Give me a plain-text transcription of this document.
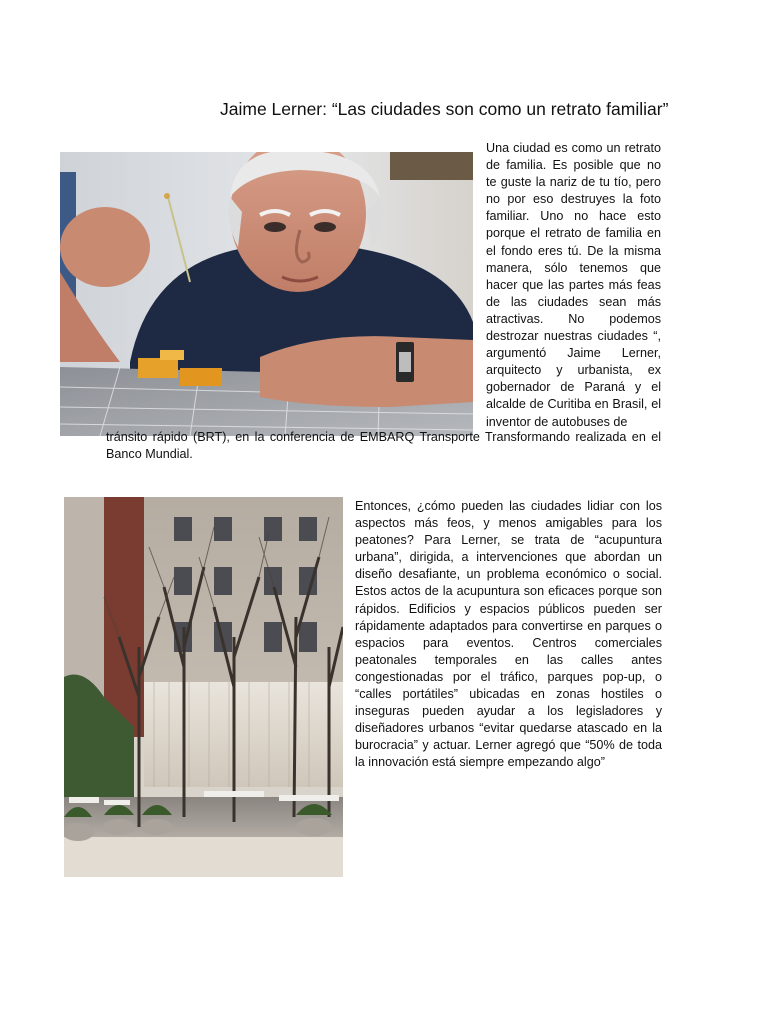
Jaime Lerner: “Las ciudades son como un retrato familiar”
Una ciudad es como un retrato de familia. Es posible que no te guste la nariz de tu tío, pero no por eso destruyes la foto familiar. Uno no hace esto porque el retrato de familia en el fondo eres tú. De la misma manera, sólo tenemos que hacer que las partes más feas de las ciudades sean más atractivas. No podemos destrozar nuestras ciudades “, argumentó Jaime Lerner, arquitecto y urbanista, ex gobernador de Paraná y el alcalde de Curitiba en Brasil, el inventor de autobuses de
tránsito rápido (BRT), en la conferencia de EMBARQ Transporte Transformando realizada en el Banco Mundial.
Entonces, ¿cómo pueden las ciudades lidiar con los aspectos más feos, y menos amigables para los peatones? Para Lerner, se trata de “acupuntura urbana”, dirigida, a intervenciones que abordan un diseño desafiante, un problema económico o social. Estos actos de la acupuntura son eficaces porque son rápidos. Edificios y espacios públicos pueden ser rápidamente adaptados para convertirse en parques o espacios para eventos. Centros comerciales peatonales temporales en las calles antes congestionadas por el tráfico, parques pop-up, o “calles portátiles” ubicadas en zonas hostiles o inseguras pueden ayudar a los legisladores y diseñadores urbanos “evitar quedarse atascado en la burocracia” y actuar. Lerner agregó que “50% de toda la innovación está siempre empezando algo”
